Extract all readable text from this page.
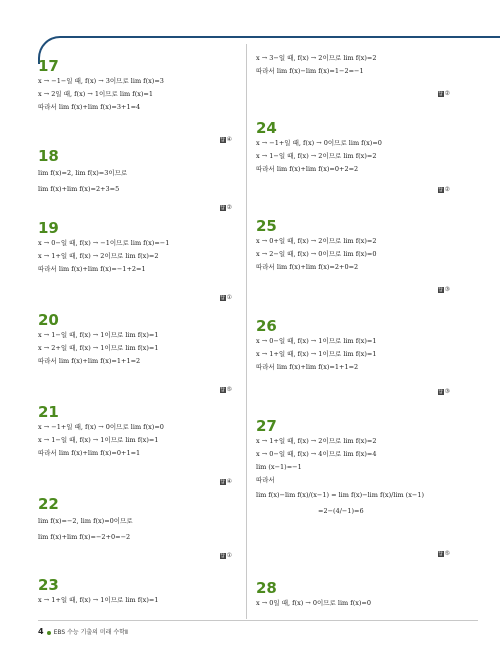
17
x → −1−일 때, f(x) → 3이므로 lim f(x)=3
x → 2일 때, f(x) → 1이므로 lim f(x)=1
따라서 lim f(x)+lim f(x)=3+1=4
답 ④
18
lim f(x)=2, lim f(x)=3이므로
lim f(x)+lim f(x)=2+3=5
답 ②
19
x → 0−일 때, f(x) → −1이므로 lim f(x)=−1
x → 1+일 때, f(x) → 2이므로 lim f(x)=2
따라서 lim f(x)+lim f(x)=−1+2=1
답 ①
20
x → 1−일 때, f(x) → 1이므로 lim f(x)=1
x → 2+일 때, f(x) → 1이므로 lim f(x)=1
따라서 lim f(x)+lim f(x)=1+1=2
답 ⑤
21
x → −1+일 때, f(x) → 0이므로 lim f(x)=0
x → 1−일 때, f(x) → 1이므로 lim f(x)=1
따라서 lim f(x)+lim f(x)=0+1=1
답 ④
22
lim f(x)=−2, lim f(x)=0이므로
lim f(x)+lim f(x)=−2+0=−2
답 ①
23
x → 1+일 때, f(x) → 1이므로 lim f(x)=1
x → 3−일 때, f(x) → 2이므로 lim f(x)=2
따라서 lim f(x)−lim f(x)=1−2=−1
답 ②
24
x → −1+일 때, f(x) → 0이므로 lim f(x)=0
x → 1−일 때, f(x) → 2이므로 lim f(x)=2
따라서 lim f(x)+lim f(x)=0+2=2
답 ②
25
x → 0+일 때, f(x) → 2이므로 lim f(x)=2
x → 2−일 때, f(x) → 0이므로 lim f(x)=0
따라서 lim f(x)+lim f(x)=2+0=2
답 ③
26
x → 0−일 때, f(x) → 1이므로 lim f(x)=1
x → 1+일 때, f(x) → 1이므로 lim f(x)=1
따라서 lim f(x)+lim f(x)=1+1=2
답 ③
27
x → 1+일 때, f(x) → 2이므로 lim f(x)=2
x → 0−일 때, f(x) → 4이므로 lim f(x)=4
lim (x−1)=−1
따라서
lim f(x)−lim f(x)/(x−1) = lim f(x)−lim f(x)/lim (x−1)
=2−(4/−1)=6
답 ⑤
28
x → 0일 때, f(x) → 0이므로 lim f(x)=0
4 EBS 수능 기출의 미래 수학Ⅱ
